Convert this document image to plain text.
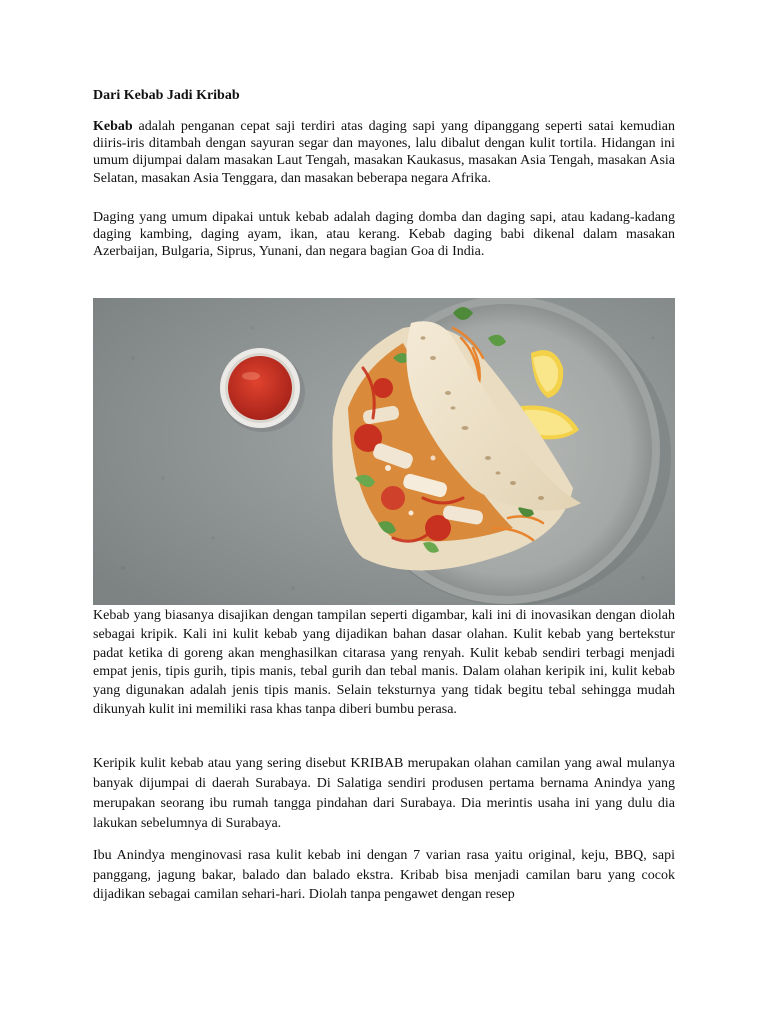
Dari Kebab Jadi Kribab

Kebab adalah penganan cepat saji terdiri atas daging sapi yang dipanggang seperti satai kemudian diiris-iris ditambah dengan sayuran segar dan mayones, lalu dibalut dengan kulit tortila. Hidangan ini umum dijumpai dalam masakan Laut Tengah, masakan Kaukasus, masakan Asia Tengah, masakan Asia Selatan, masakan Asia Tenggara, dan masakan beberapa negara Afrika.

Daging yang umum dipakai untuk kebab adalah daging domba dan daging sapi, atau kadang-kadang daging kambing, daging ayam, ikan, atau kerang. Kebab daging babi dikenal dalam masakan Azerbaijan, Bulgaria, Siprus, Yunani, dan negara bagian Goa di India.

Kebab yang biasanya disajikan dengan tampilan seperti digambar, kali ini di inovasikan dengan diolah sebagai kripik. Kali ini kulit kebab yang dijadikan bahan dasar olahan. Kulit kebab yang bertekstur padat ketika di goreng akan menghasilkan citarasa yang renyah. Kulit kebab sendiri terbagi menjadi empat jenis, tipis gurih, tipis manis, tebal gurih dan tebal manis. Dalam olahan keripik ini, kulit kebab yang digunakan adalah jenis tipis manis. Selain teksturnya yang tidak begitu tebal sehingga mudah dikunyah kulit ini memiliki rasa khas tanpa diberi bumbu perasa.

Keripik kulit kebab atau yang sering disebut KRIBAB merupakan olahan camilan yang awal mulanya banyak dijumpai di daerah Surabaya. Di Salatiga sendiri produsen pertama bernama Anindya yang merupakan seorang ibu rumah tangga pindahan dari Surabaya. Dia merintis usaha ini yang dulu dia lakukan sebelumnya di Surabaya.

Ibu Anindya menginovasi rasa kulit kebab ini dengan 7 varian rasa yaitu original, keju, BBQ, sapi panggang, jagung bakar, balado dan balado ekstra. Kribab bisa menjadi camilan baru yang cocok dijadikan sebagai camilan sehari-hari. Diolah tanpa pengawet dengan resep
